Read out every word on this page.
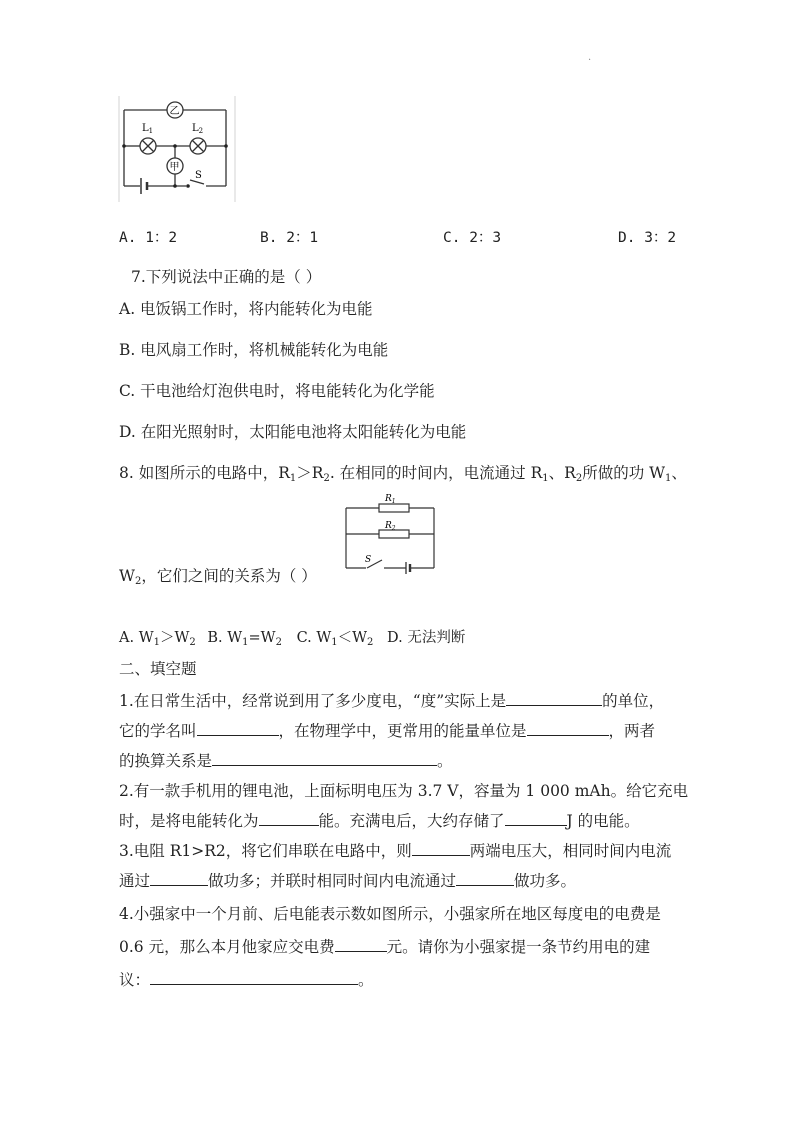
.
乙
甲
$L_1$	$L_2$
S
A. 1：2	B. 2：1	C. 2：3	D. 3：2
7.下列说法中正确的是（ ）
A. 电饭锅工作时，将内能转化为电能
B. 电风扇工作时，将机械能转化为电能
C. 干电池给灯泡供电时，将电能转化为化学能
D. 在阳光照射时，太阳能电池将太阳能转化为电能
8. 如图所示的电路中，$R_1>R_2$. 在相同的时间内，电流通过 $R_1$、$R_2$所做的功 $W_1$、
$R_1$
$R_2$
S
$W_2$，它们之间的关系为（ ）
A. $W_1>W_2$ B. $W_1=W_2$ C. $W_1<W_2$ D. 无法判断
二、填空题
1.在日常生活中，经常说到用了多少度电，“度”实际上是	的单位，
它的学名叫	，在物理学中，更常用的能量单位是	，两者
的换算关系是	。
2.有一款手机用的锂电池，上面标明电压为 3.7 V，容量为 1 000 mAh。给它充电
时，是将电能转化为	能。充满电后，大约存储了	J 的电能。
3.电阻 R1>R2，将它们串联在电路中，则	两端电压大，相同时间内电流
通过	做功多；并联时相同时间内电流通过	做功多。
4.小强家中一个月前、后电能表示数如图所示，小强家所在地区每度电的电费是
0.6 元，那么本月他家应交电费	元。请你为小强家提一条节约用电的建
议：	。
